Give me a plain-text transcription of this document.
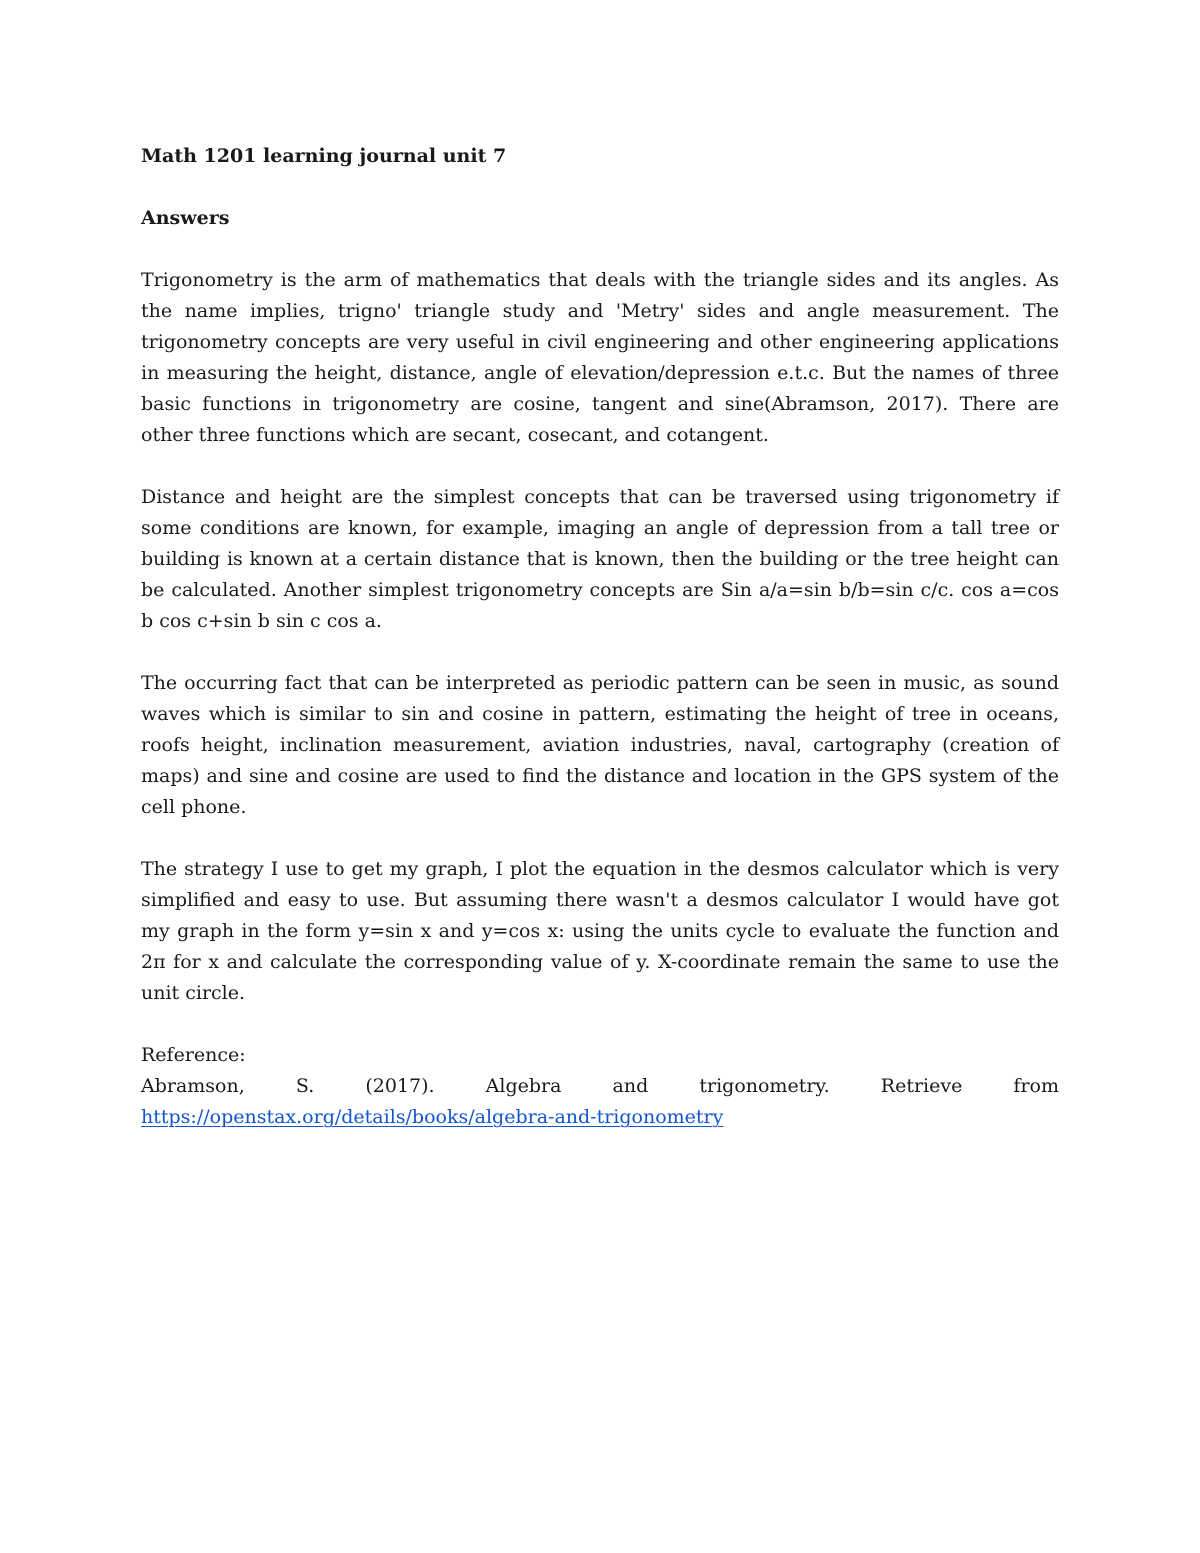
Math 1201 learning journal unit 7
Answers

Trigonometry is the arm of mathematics that deals with the triangle sides and its angles. As the name implies, trigno' triangle study and 'Metry' sides and angle measurement. The trigonometry concepts are very useful in civil engineering and other engineering applications in measuring the height, distance, angle of elevation/depression e.t.c. But the names of three basic functions in trigonometry are cosine, tangent and sine(Abramson, 2017). There are other three functions which are secant, cosecant, and cotangent.

Distance and height are the simplest concepts that can be traversed using trigonometry if some conditions are known, for example, imaging an angle of depression from a tall tree or building is known at a certain distance that is known, then the building or the tree height can be calculated. Another simplest trigonometry concepts are Sin a/a=sin b/b=sin c/c. cos a=cos b cos c+sin b sin c cos a.

The occurring fact that can be interpreted as periodic pattern can be seen in music, as sound waves which is similar to sin and cosine in pattern, estimating the height of tree in oceans, roofs height, inclination measurement, aviation industries, naval, cartography (creation of maps) and sine and cosine are used to find the distance and location in the GPS system of the cell phone.

The strategy I use to get my graph, I plot the equation in the desmos calculator which is very simplified and easy to use. But assuming there wasn't a desmos calculator I would have got my graph in the form y=sin x and y=cos x: using the units cycle to evaluate the function and 2π for x and calculate the corresponding value of y. X-coordinate remain the same to use the unit circle.

Reference:
Abramson, S. (2017). Algebra and trigonometry. Retrieve from
https://openstax.org/details/books/algebra-and-trigonometry
